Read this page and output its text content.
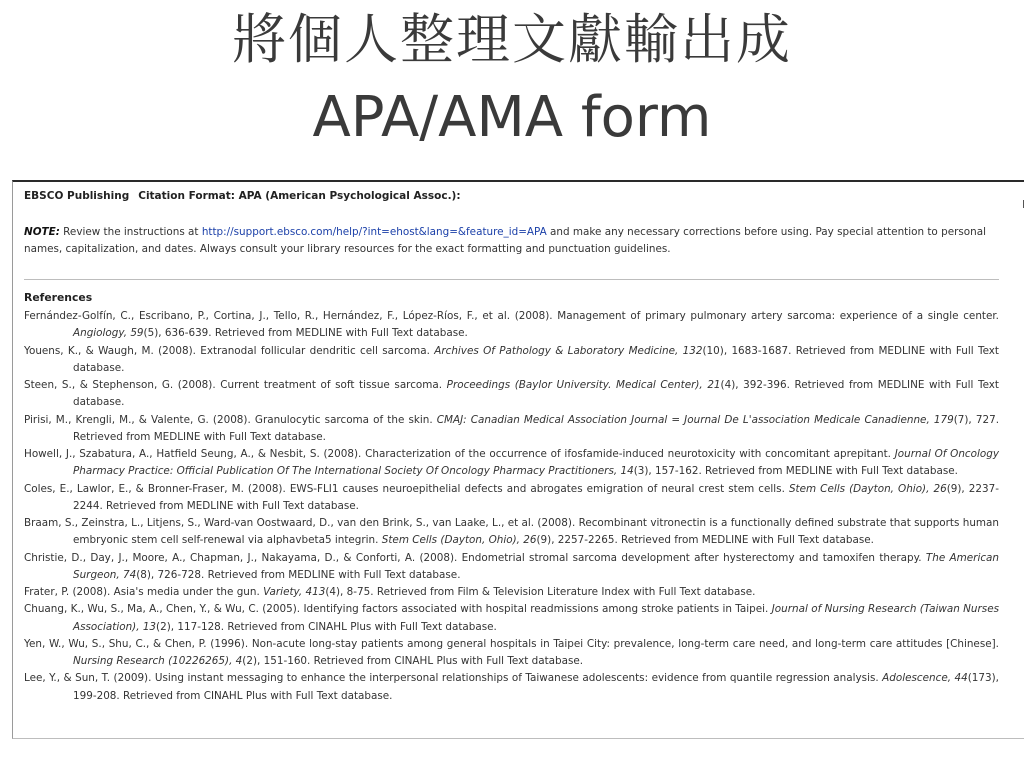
將個人整理文獻輸出成
APA/AMA form
EBSCO Publishing Citation Format: APA (American Psychological Assoc.):
NOTE: Review the instructions at http://support.ebsco.com/help/?int=ehost&lang=&feature_id=APA and make any necessary corrections before using. Pay special attention to personal names, capitalization, and dates. Always consult your library resources for the exact formatting and punctuation guidelines.
References

Fernández-Golfín, C., Escribano, P., Cortina, J., Tello, R., Hernández, F., López-Ríos, F., et al. (2008). Management of primary pulmonary artery sarcoma: experience of a single center. Angiology, 59(5), 636-639. Retrieved from MEDLINE with Full Text database.

Youens, K., & Waugh, M. (2008). Extranodal follicular dendritic cell sarcoma. Archives Of Pathology & Laboratory Medicine, 132(10), 1683-1687. Retrieved from MEDLINE with Full Text database.

Steen, S., & Stephenson, G. (2008). Current treatment of soft tissue sarcoma. Proceedings (Baylor University. Medical Center), 21(4), 392-396. Retrieved from MEDLINE with Full Text database.

Pirisi, M., Krengli, M., & Valente, G. (2008). Granulocytic sarcoma of the skin. CMAJ: Canadian Medical Association Journal = Journal De L'association Medicale Canadienne, 179(7), 727. Retrieved from MEDLINE with Full Text database.

Howell, J., Szabatura, A., Hatfield Seung, A., & Nesbit, S. (2008). Characterization of the occurrence of ifosfamide-induced neurotoxicity with concomitant aprepitant. Journal Of Oncology Pharmacy Practice: Official Publication Of The International Society Of Oncology Pharmacy Practitioners, 14(3), 157-162. Retrieved from MEDLINE with Full Text database.

Coles, E., Lawlor, E., & Bronner-Fraser, M. (2008). EWS-FLI1 causes neuroepithelial defects and abrogates emigration of neural crest stem cells. Stem Cells (Dayton, Ohio), 26(9), 2237-2244. Retrieved from MEDLINE with Full Text database.

Braam, S., Zeinstra, L., Litjens, S., Ward-van Oostwaard, D., van den Brink, S., van Laake, L., et al. (2008). Recombinant vitronectin is a functionally defined substrate that supports human embryonic stem cell self-renewal via alphavbeta5 integrin. Stem Cells (Dayton, Ohio), 26(9), 2257-2265. Retrieved from MEDLINE with Full Text database.

Christie, D., Day, J., Moore, A., Chapman, J., Nakayama, D., & Conforti, A. (2008). Endometrial stromal sarcoma development after hysterectomy and tamoxifen therapy. The American Surgeon, 74(8), 726-728. Retrieved from MEDLINE with Full Text database.

Frater, P. (2008). Asia's media under the gun. Variety, 413(4), 8-75. Retrieved from Film & Television Literature Index with Full Text database.

Chuang, K., Wu, S., Ma, A., Chen, Y., & Wu, C. (2005). Identifying factors associated with hospital readmissions among stroke patients in Taipei. Journal of Nursing Research (Taiwan Nurses Association), 13(2), 117-128. Retrieved from CINAHL Plus with Full Text database.

Yen, W., Wu, S., Shu, C., & Chen, P. (1996). Non-acute long-stay patients among general hospitals in Taipei City: prevalence, long-term care need, and long-term care attitudes [Chinese]. Nursing Research (10226265), 4(2), 151-160. Retrieved from CINAHL Plus with Full Text database.

Lee, Y., & Sun, T. (2009). Using instant messaging to enhance the interpersonal relationships of Taiwanese adolescents: evidence from quantile regression analysis. Adolescence, 44(173), 199-208. Retrieved from CINAHL Plus with Full Text database.
